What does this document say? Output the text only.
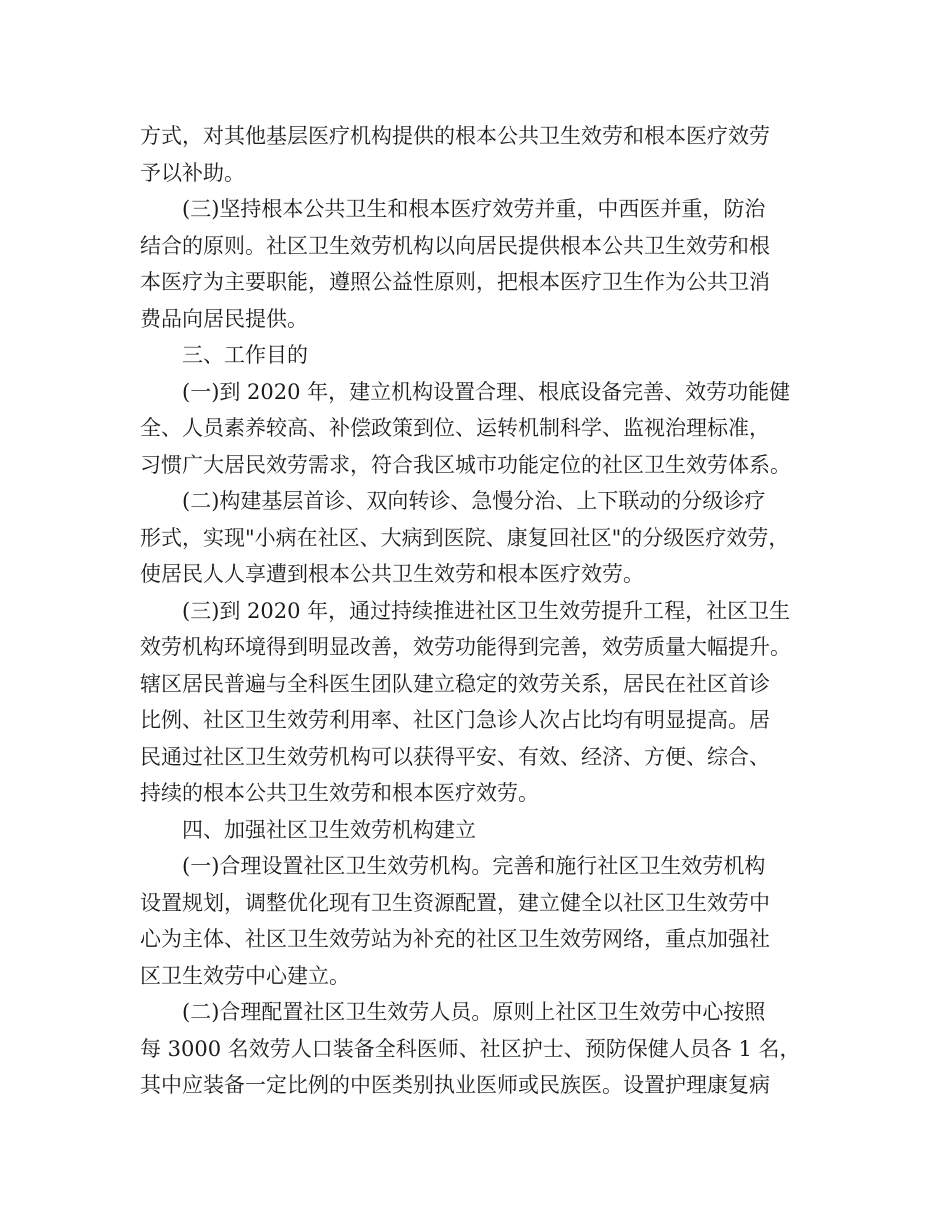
方式，对其他基层医疗机构提供的根本公共卫生效劳和根本医疗效劳
予以补助。
(三)坚持根本公共卫生和根本医疗效劳并重，中西医并重，防治
结合的原则。社区卫生效劳机构以向居民提供根本公共卫生效劳和根
本医疗为主要职能，遵照公益性原则，把根本医疗卫生作为公共卫消
费品向居民提供。
三、工作目的
(一)到 2020 年，建立机构设置合理、根底设备完善、效劳功能健
全、人员素养较高、补偿政策到位、运转机制科学、监视治理标准，
习惯广大居民效劳需求，符合我区城市功能定位的社区卫生效劳体系。
(二)构建基层首诊、双向转诊、急慢分治、上下联动的分级诊疗
形式，实现"小病在社区、大病到医院、康复回社区"的分级医疗效劳，
使居民人人享遭到根本公共卫生效劳和根本医疗效劳。
(三)到 2020 年，通过持续推进社区卫生效劳提升工程，社区卫生
效劳机构环境得到明显改善，效劳功能得到完善，效劳质量大幅提升。
辖区居民普遍与全科医生团队建立稳定的效劳关系，居民在社区首诊
比例、社区卫生效劳利用率、社区门急诊人次占比均有明显提高。居
民通过社区卫生效劳机构可以获得平安、有效、经济、方便、综合、
持续的根本公共卫生效劳和根本医疗效劳。
四、加强社区卫生效劳机构建立
(一)合理设置社区卫生效劳机构。完善和施行社区卫生效劳机构
设置规划，调整优化现有卫生资源配置，建立健全以社区卫生效劳中
心为主体、社区卫生效劳站为补充的社区卫生效劳网络，重点加强社
区卫生效劳中心建立。
(二)合理配置社区卫生效劳人员。原则上社区卫生效劳中心按照
每 3000 名效劳人口装备全科医师、社区护士、预防保健人员各 1 名，
其中应装备一定比例的中医类别执业医师或民族医。设置护理康复病
